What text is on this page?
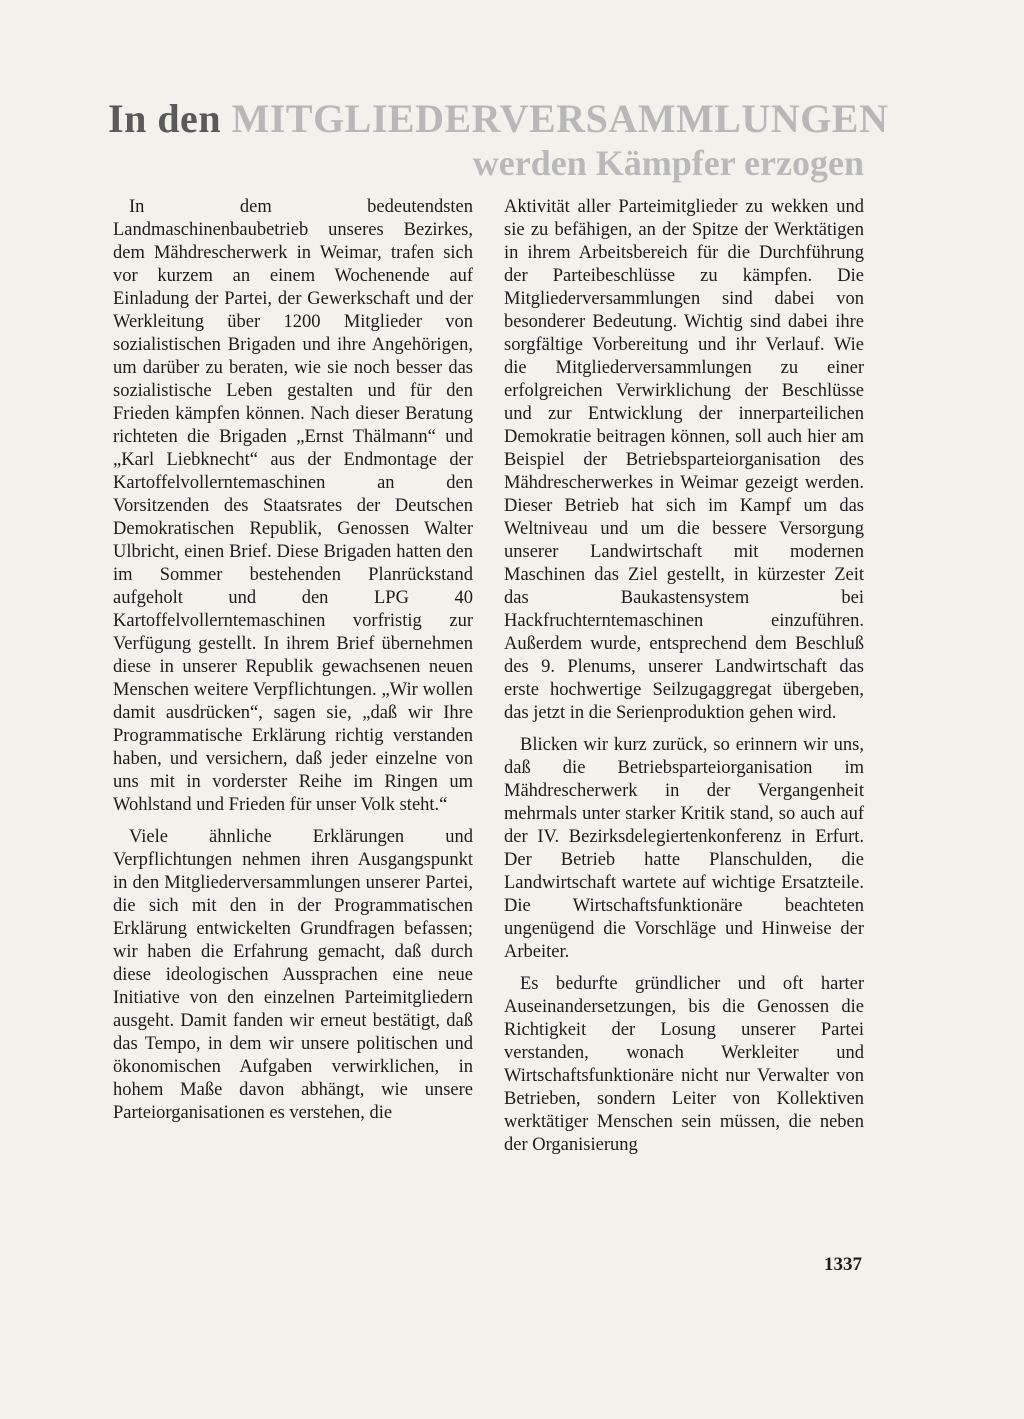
In den MITGLIEDERVERSAMMLUNGEN
werden Kämpfer erzogen

In dem bedeutendsten Landmaschinenbaubetrieb unseres Bezirkes, dem Mähdrescherwerk in Weimar, trafen sich vor kurzem an einem Wochenende auf Einladung der Partei, der Gewerkschaft und der Werkleitung über 1200 Mitglieder von sozialistischen Brigaden und ihre Angehörigen, um darüber zu beraten, wie sie noch besser das sozialistische Leben gestalten und für den Frieden kämpfen können. Nach dieser Beratung richteten die Brigaden „Ernst Thälmann“ und „Karl Liebknecht“ aus der Endmontage der Kartoffelvollerntemaschinen an den Vorsitzenden des Staatsrates der Deutschen Demokratischen Republik, Genossen Walter Ulbricht, einen Brief. Diese Brigaden hatten den im Sommer bestehenden Planrückstand aufgeholt und den LPG 40 Kartoffelvollerntemaschinen vorfristig zur Verfügung gestellt. In ihrem Brief übernehmen diese in unserer Republik gewachsenen neuen Menschen weitere Verpflichtungen. „Wir wollen damit ausdrücken“, sagen sie, „daß wir Ihre Programmatische Erklärung richtig verstanden haben, und versichern, daß jeder einzelne von uns mit in vorderster Reihe im Ringen um Wohlstand und Frieden für unser Volk steht.“

Viele ähnliche Erklärungen und Verpflichtungen nehmen ihren Ausgangspunkt in den Mitgliederversammlungen unserer Partei, die sich mit den in der Programmatischen Erklärung entwickelten Grundfragen befassen; wir haben die Erfahrung gemacht, daß durch diese ideologischen Aussprachen eine neue Initiative von den einzelnen Parteimitgliedern ausgeht. Damit fanden wir erneut bestätigt, daß das Tempo, in dem wir unsere politischen und ökonomischen Aufgaben verwirklichen, in hohem Maße davon abhängt, wie unsere Parteiorganisationen es verstehen, die

Aktivität aller Parteimitglieder zu wekken und sie zu befähigen, an der Spitze der Werktätigen in ihrem Arbeitsbereich für die Durchführung der Parteibeschlüsse zu kämpfen. Die Mitgliederversammlungen sind dabei von besonderer Bedeutung. Wichtig sind dabei ihre sorgfältige Vorbereitung und ihr Verlauf. Wie die Mitgliederversammlungen zu einer erfolgreichen Verwirklichung der Beschlüsse und zur Entwicklung der innerparteilichen Demokratie beitragen können, soll auch hier am Beispiel der Betriebsparteiorganisation des Mähdrescherwerkes in Weimar gezeigt werden. Dieser Betrieb hat sich im Kampf um das Weltniveau und um die bessere Versorgung unserer Landwirtschaft mit modernen Maschinen das Ziel gestellt, in kürzester Zeit das Baukastensystem bei Hackfruchterntemaschinen einzuführen. Außerdem wurde, entsprechend dem Beschluß des 9. Plenums, unserer Landwirtschaft das erste hochwertige Seilzugaggregat übergeben, das jetzt in die Serienproduktion gehen wird.

Blicken wir kurz zurück, so erinnern wir uns, daß die Betriebsparteiorganisation im Mähdrescherwerk in der Vergangenheit mehrmals unter starker Kritik stand, so auch auf der IV. Bezirksdelegiertenkonferenz in Erfurt. Der Betrieb hatte Planschulden, die Landwirtschaft wartete auf wichtige Ersatzteile. Die Wirtschaftsfunktionäre beachteten ungenügend die Vorschläge und Hinweise der Arbeiter.

Es bedurfte gründlicher und oft harter Auseinandersetzungen, bis die Genossen die Richtigkeit der Losung unserer Partei verstanden, wonach Werkleiter und Wirtschaftsfunktionäre nicht nur Verwalter von Betrieben, sondern Leiter von Kollektiven werktätiger Menschen sein müssen, die neben der Organisierung

1337
